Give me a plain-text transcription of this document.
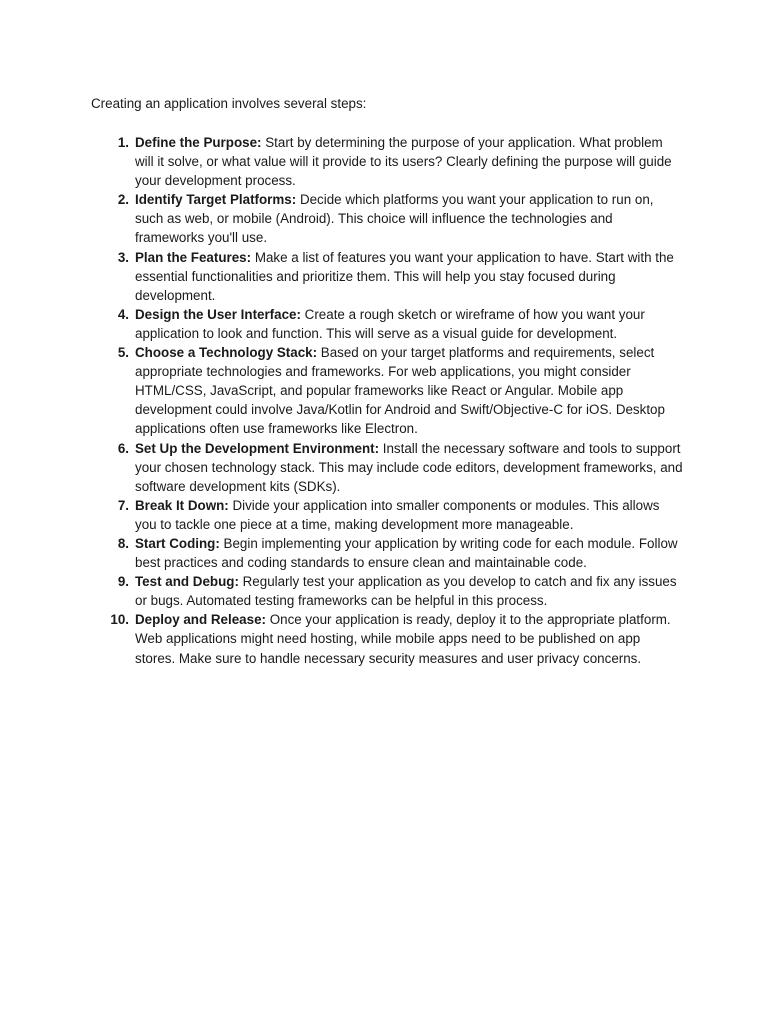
Creating an application involves several steps:

1. Define the Purpose: Start by determining the purpose of your application. What problem will it solve, or what value will it provide to its users? Clearly defining the purpose will guide your development process.
2. Identify Target Platforms: Decide which platforms you want your application to run on, such as web, or mobile (Android). This choice will influence the technologies and frameworks you'll use.
3. Plan the Features: Make a list of features you want your application to have. Start with the essential functionalities and prioritize them. This will help you stay focused during development.
4. Design the User Interface: Create a rough sketch or wireframe of how you want your application to look and function. This will serve as a visual guide for development.
5. Choose a Technology Stack: Based on your target platforms and requirements, select appropriate technologies and frameworks. For web applications, you might consider HTML/CSS, JavaScript, and popular frameworks like React or Angular. Mobile app development could involve Java/Kotlin for Android and Swift/Objective-C for iOS. Desktop applications often use frameworks like Electron.
6. Set Up the Development Environment: Install the necessary software and tools to support your chosen technology stack. This may include code editors, development frameworks, and software development kits (SDKs).
7. Break It Down: Divide your application into smaller components or modules. This allows you to tackle one piece at a time, making development more manageable.
8. Start Coding: Begin implementing your application by writing code for each module. Follow best practices and coding standards to ensure clean and maintainable code.
9. Test and Debug: Regularly test your application as you develop to catch and fix any issues or bugs. Automated testing frameworks can be helpful in this process.
10. Deploy and Release: Once your application is ready, deploy it to the appropriate platform. Web applications might need hosting, while mobile apps need to be published on app stores. Make sure to handle necessary security measures and user privacy concerns.
